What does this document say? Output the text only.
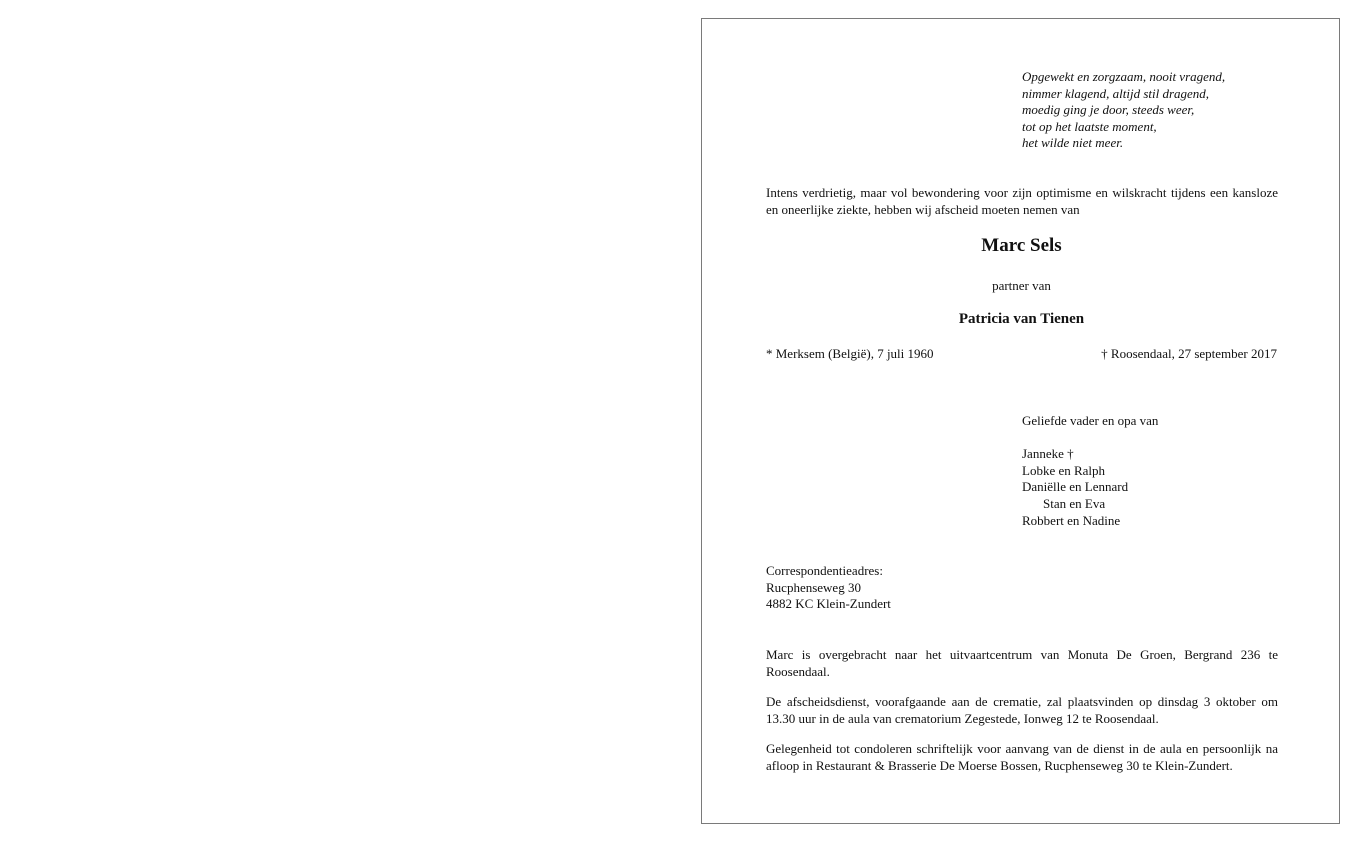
Opgewekt en zorgzaam, nooit vragend,
nimmer klagend, altijd stil dragend,
moedig ging je door, steeds weer,
tot op het laatste moment,
het wilde niet meer.
Intens verdrietig, maar vol bewondering voor zijn optimisme en wilskracht tijdens een kansloze en oneerlijke ziekte, hebben wij afscheid moeten nemen van
Marc Sels
partner van
Patricia van Tienen
* Merksem (België), 7 juli 1960	† Roosendaal, 27 september 2017
Geliefde vader en opa van
Janneke †
Lobke en Ralph
Daniëlle en Lennard
Stan en Eva
Robbert en Nadine
Correspondentieadres:
Rucphenseweg 30
4882 KC Klein-Zundert
Marc is overgebracht naar het uitvaartcentrum van Monuta De Groen, Bergrand 236 te Roosendaal.
De afscheidsdienst, voorafgaande aan de crematie, zal plaatsvinden op dinsdag 3 oktober om 13.30 uur in de aula van crematorium Zegestede, Ionweg 12 te Roosendaal.
Gelegenheid tot condoleren schriftelijk voor aanvang van de dienst in de aula en persoonlijk na afloop in Restaurant & Brasserie De Moerse Bossen, Rucphenseweg 30 te Klein-Zundert.
